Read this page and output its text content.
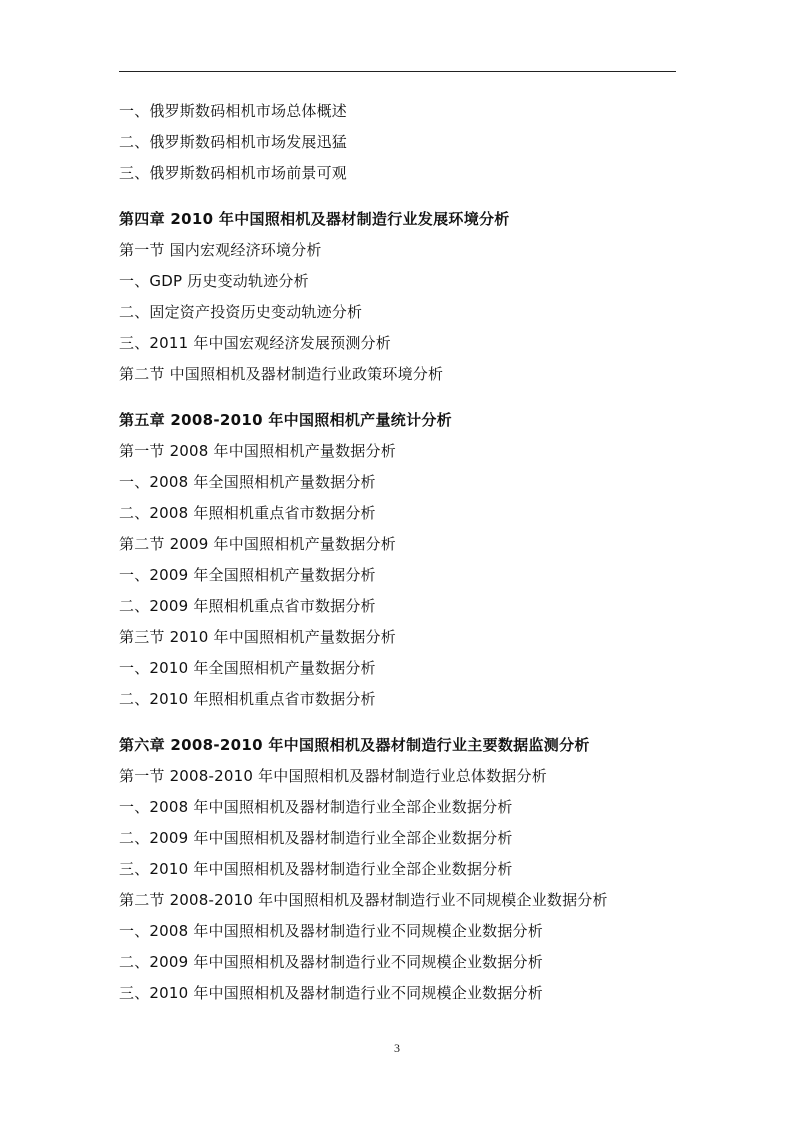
一、俄罗斯数码相机市场总体概述
二、俄罗斯数码相机市场发展迅猛
三、俄罗斯数码相机市场前景可观
第四章 2010 年中国照相机及器材制造行业发展环境分析
第一节 国内宏观经济环境分析
一、GDP 历史变动轨迹分析
二、固定资产投资历史变动轨迹分析
三、2011 年中国宏观经济发展预测分析
第二节 中国照相机及器材制造行业政策环境分析
第五章 2008-2010 年中国照相机产量统计分析
第一节 2008 年中国照相机产量数据分析
一、2008 年全国照相机产量数据分析
二、2008 年照相机重点省市数据分析
第二节 2009 年中国照相机产量数据分析
一、2009 年全国照相机产量数据分析
二、2009 年照相机重点省市数据分析
第三节 2010 年中国照相机产量数据分析
一、2010 年全国照相机产量数据分析
二、2010 年照相机重点省市数据分析
第六章 2008-2010 年中国照相机及器材制造行业主要数据监测分析
第一节 2008-2010 年中国照相机及器材制造行业总体数据分析
一、2008 年中国照相机及器材制造行业全部企业数据分析
二、2009 年中国照相机及器材制造行业全部企业数据分析
三、2010 年中国照相机及器材制造行业全部企业数据分析
第二节 2008-2010 年中国照相机及器材制造行业不同规模企业数据分析
一、2008 年中国照相机及器材制造行业不同规模企业数据分析
二、2009 年中国照相机及器材制造行业不同规模企业数据分析
三、2010 年中国照相机及器材制造行业不同规模企业数据分析
3
